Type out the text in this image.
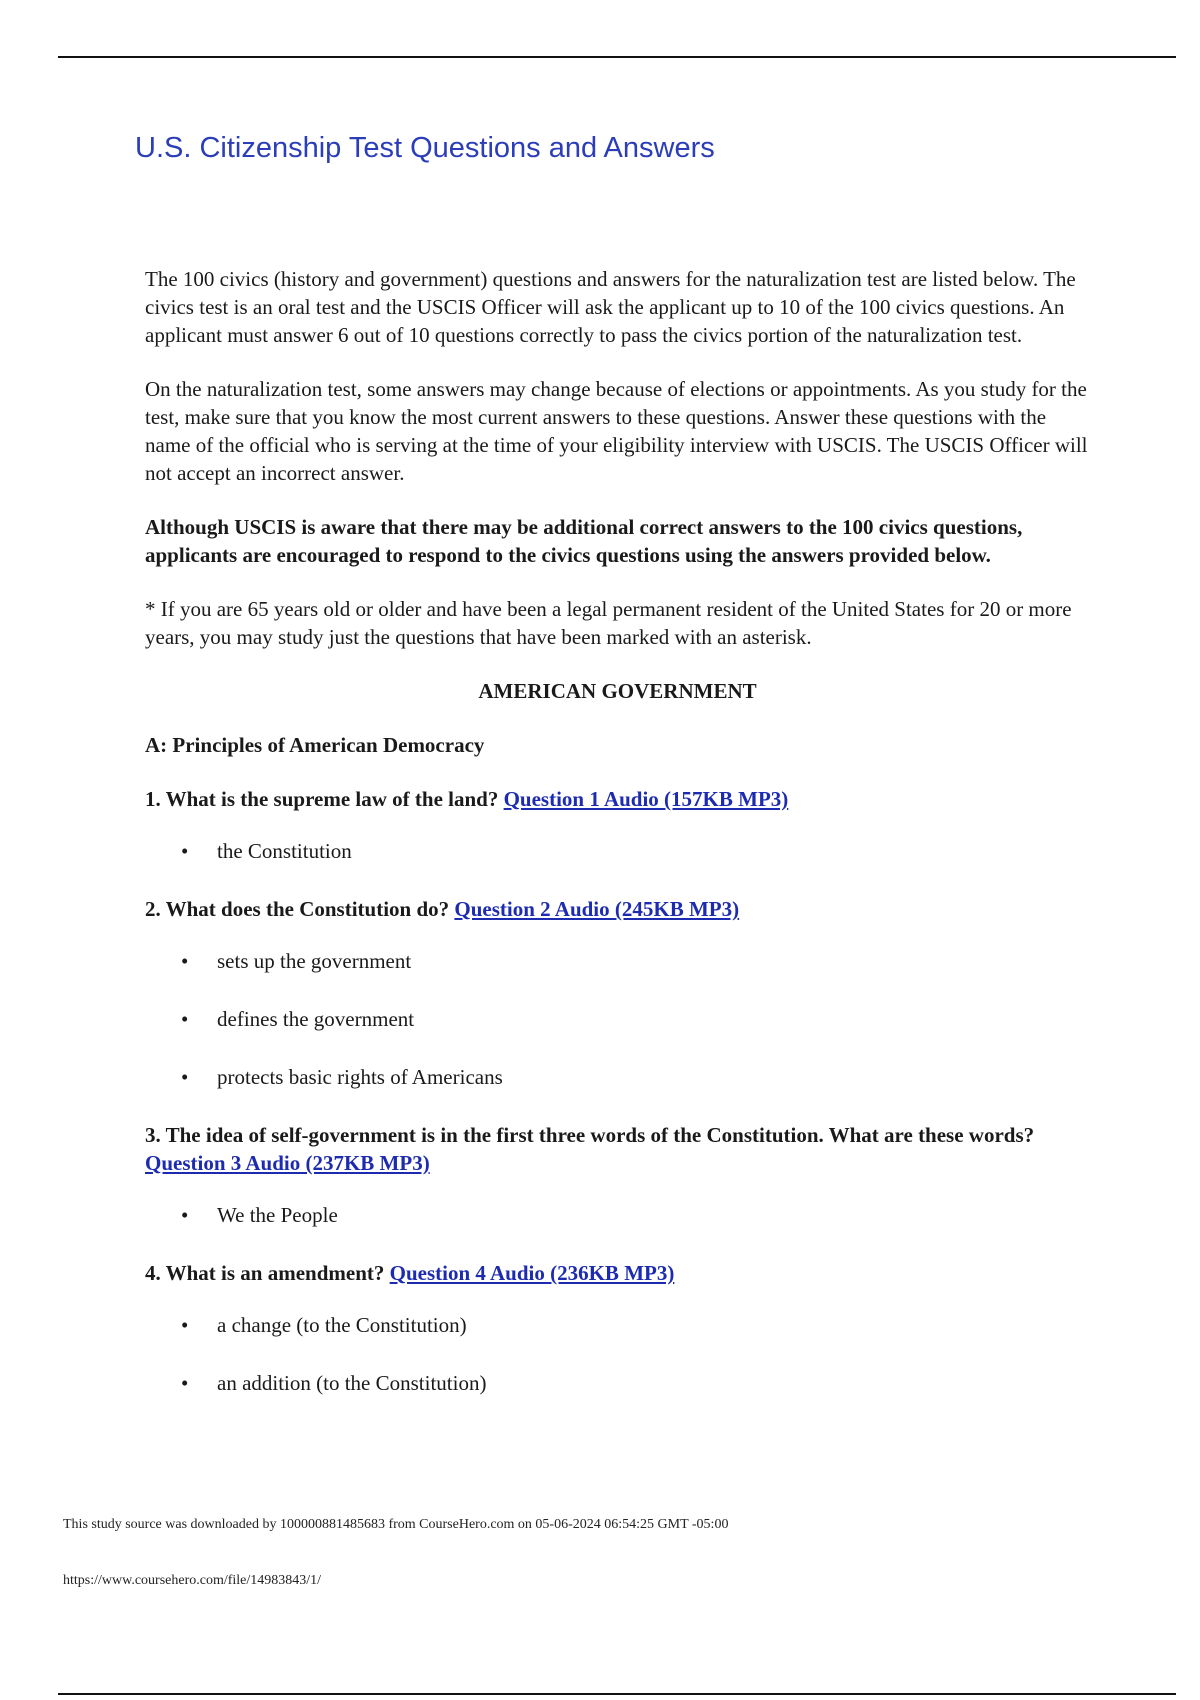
U.S. Citizenship Test Questions and Answers

The 100 civics (history and government) questions and answers for the naturalization test are listed below. The civics test is an oral test and the USCIS Officer will ask the applicant up to 10 of the 100 civics questions. An applicant must answer 6 out of 10 questions correctly to pass the civics portion of the naturalization test.

On the naturalization test, some answers may change because of elections or appointments. As you study for the test, make sure that you know the most current answers to these questions. Answer these questions with the name of the official who is serving at the time of your eligibility interview with USCIS. The USCIS Officer will not accept an incorrect answer.

Although USCIS is aware that there may be additional correct answers to the 100 civics questions, applicants are encouraged to respond to the civics questions using the answers provided below.

* If you are 65 years old or older and have been a legal permanent resident of the United States for 20 or more years, you may study just the questions that have been marked with an asterisk.

AMERICAN GOVERNMENT

A: Principles of American Democracy

1. What is the supreme law of the land? Question 1 Audio (157KB MP3)

• the Constitution

2. What does the Constitution do? Question 2 Audio (245KB MP3)

• sets up the government
• defines the government
• protects basic rights of Americans

3. The idea of self-government is in the first three words of the Constitution. What are these words? Question 3 Audio (237KB MP3)

• We the People

4. What is an amendment? Question 4 Audio (236KB MP3)

• a change (to the Constitution)
• an addition (to the Constitution)
This study source was downloaded by 100000881485683 from CourseHero.com on 05-06-2024 06:54:25 GMT -05:00
https://www.coursehero.com/file/14983843/1/
